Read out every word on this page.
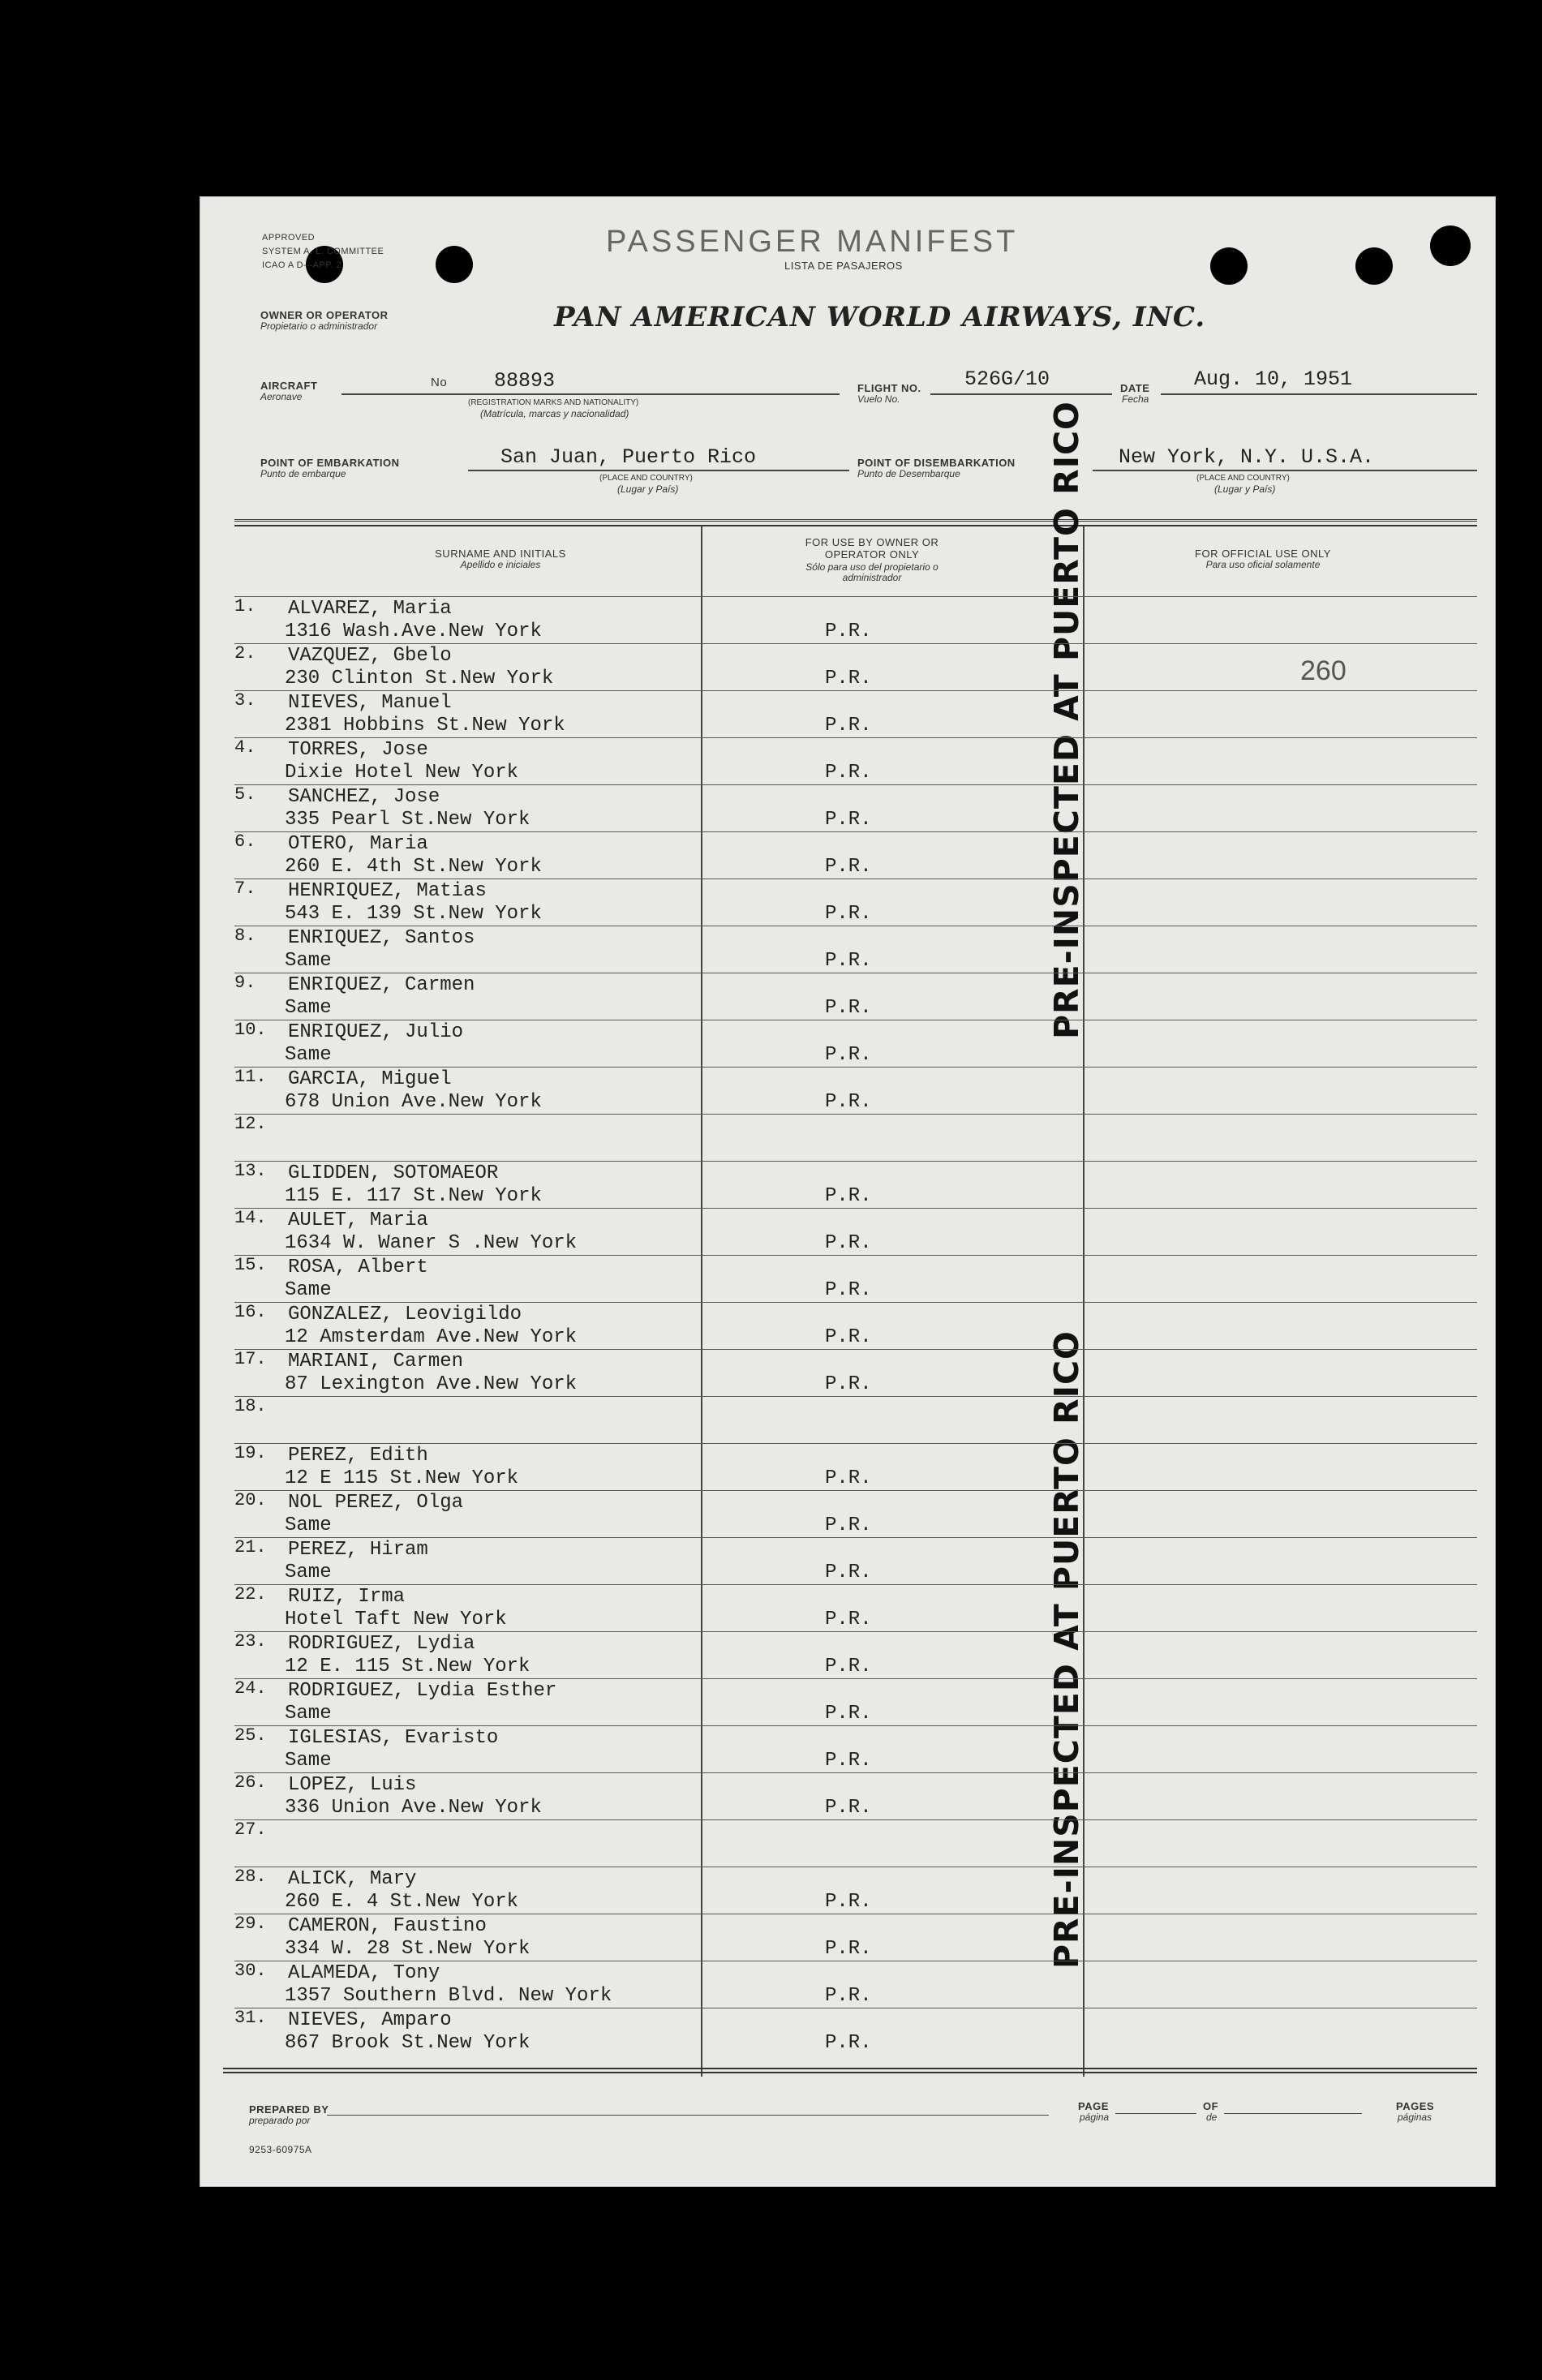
APPROVED
SYSTEM A. L. COMMITTEE
ICAO A D—APP. 2
PASSENGER MANIFEST
LISTA DE PASAJEROS
OWNER OR OPERATOR
Propietario o administrador	PAN AMERICAN WORLD AIRWAYS, INC.
AIRCRAFT
Aeronave
No 88893
(REGISTRATION MARKS AND NATIONALITY)
(Matrícula, marcas y nacionalidad)
FLIGHT NO.
Vuelo No.
526G/10	DATE
Fecha
Aug. 10, 1951
POINT OF EMBARKATION
Punto de embarque
San Juan, Puerto Rico
(PLACE AND COUNTRY)
(Lugar y País)
POINT OF DISEMBARKATION
Punto de Desembarque
New York, N.Y. U.S.A.
(PLACE AND COUNTRY)
(Lugar y País)
SURNAME AND INITIALS
Apellido e iniciales
FOR USE BY OWNER OR OPERATOR ONLY
Sólo para uso del propietario o administrador
FOR OFFICIAL USE ONLY
Para uso oficial solamente
PRE-INSPECTED AT PUERTO RICO
PRE-INSPECTED AT PUERTO RICO
260
1.	ALVAREZ, Maria
1316 Wash.Ave.New York	P.R.
2.	VAZQUEZ, Gbelo
230 Clinton St.New York	P.R.
3.	NIEVES, Manuel
2381 Hobbins St.New York	P.R.
4.	TORRES, Jose
Dixie Hotel New York	P.R.
5.	SANCHEZ, Jose
335 Pearl St.New York	P.R.
6.	OTERO, Maria
260 E. 4th St.New York	P.R.
7.	HENRIQUEZ, Matias
543 E. 139 St.New York	P.R.
8.	ENRIQUEZ, Santos
Same	P.R.
9.	ENRIQUEZ, Carmen
Same	P.R.
10.	ENRIQUEZ, Julio
Same	P.R.
11.	GARCIA, Miguel
678 Union Ave.New York	P.R.
12.
13.	GLIDDEN, SOTOMAEOR
115 E. 117 St.New York	P.R.
14.	AULET, Maria
1634 W. Waner S .New York	P.R.
15.	ROSA, Albert
Same	P.R.
16.	GONZALEZ, Leovigildo
12 Amsterdam Ave.New York	P.R.
17.	MARIANI, Carmen
87 Lexington Ave.New York	P.R.
18.
19.	PEREZ, Edith
12 E 115 St.New York	P.R.
20.	NOL PEREZ, Olga
Same	P.R.
21.	PEREZ, Hiram
Same	P.R.
22.	RUIZ, Irma
Hotel Taft New York	P.R.
23.	RODRIGUEZ, Lydia
12 E. 115 St.New York	P.R.
24.	RODRIGUEZ, Lydia Esther
Same	P.R.
25.	IGLESIAS, Evaristo
Same	P.R.
26.	LOPEZ, Luis
336 Union Ave.New York	P.R.
27.
28.	ALICK, Mary
260 E. 4 St.New York	P.R.
29.	CAMERON, Faustino
334 W. 28 St.New York	P.R.
30.	ALAMEDA, Tony
1357 Southern Blvd. New York	P.R.
31.	NIEVES, Amparo
867 Brook St.New York	P.R.
PREPARED BY
preparado por
PAGE
página
OF
de
PAGES
páginas
9253-60975A
